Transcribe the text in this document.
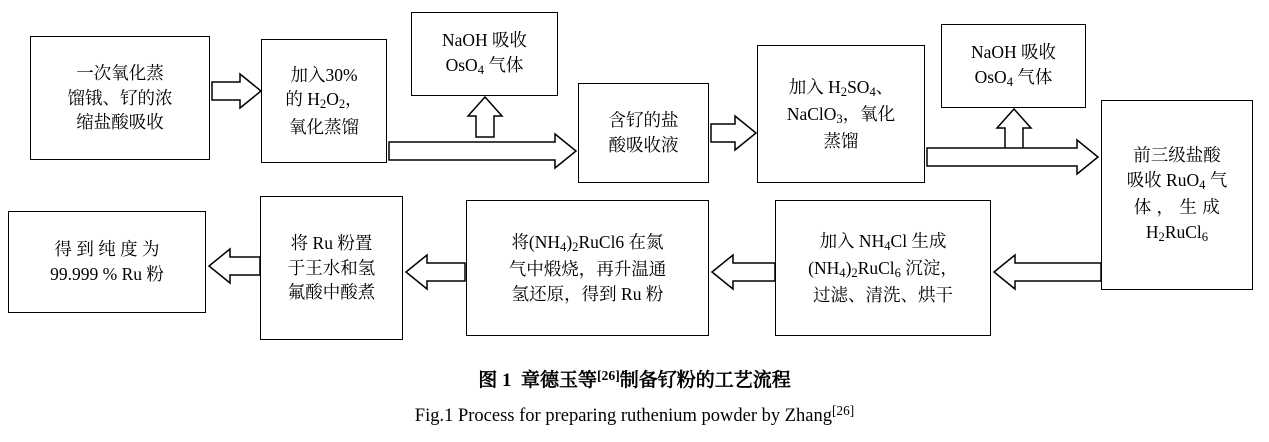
一次氧化蒸
馏锇、钌的浓
缩盐酸吸收
加入30%
的 $H_2O_2$，
氧化蒸馏
NaOH 吸收
OsO$_4$ 气体
含钌的盐
酸吸收液
加入 $H_2SO_4$、
NaClO$_3$，氧化
蒸馏
NaOH 吸收
OsO$_4$ 气体
前三级盐酸
吸收 RuO$_4$ 气
体 ， 生 成
$H_2RuCl_6$
加入 $NH_4Cl$ 生成
$(NH_4)_2RuCl_6$ 沉淀，
过滤、清洗、烘干
将$(NH_4)_2RuCl6$ 在氮
气中煅烧，再升温通
氢还原，得到 Ru 粉
将 Ru 粉置
于王水和氢
氟酸中酸煮
得 到 纯 度 为
99.999 % Ru 粉
图 1  章德玉等[26]制备钌粉的工艺流程
Fig.1 Process for preparing ruthenium powder by Zhang[26]
